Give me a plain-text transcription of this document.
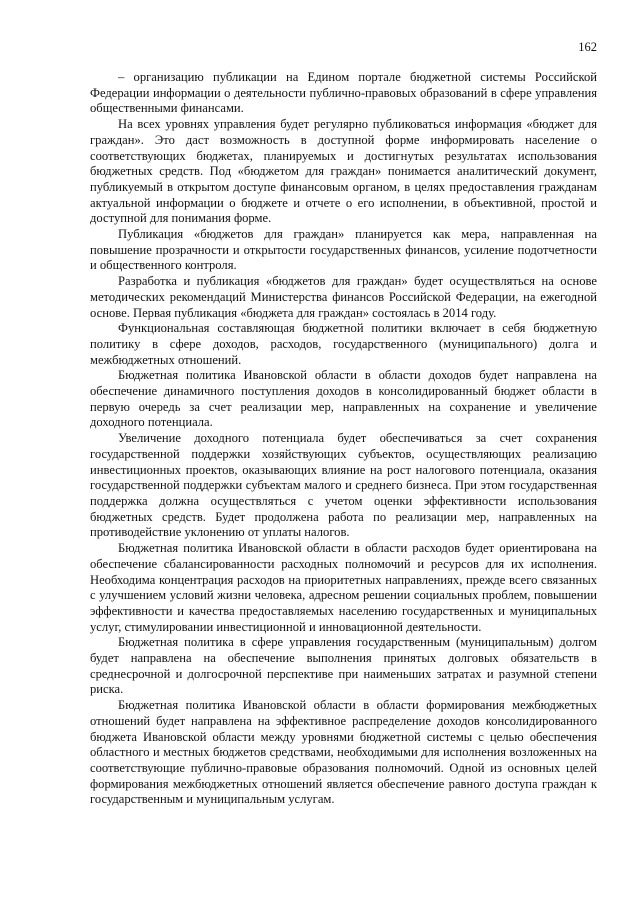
162

– организацию публикации на Едином портале бюджетной системы Российской Федерации информации о деятельности публично-правовых образований в сфере управления общественными финансами.

На всех уровнях управления будет регулярно публиковаться информация «бюджет для граждан». Это даст возможность в доступной форме информировать население о соответствующих бюджетах, планируемых и достигнутых результатах использования бюджетных средств. Под «бюджетом для граждан» понимается аналитический документ, публикуемый в открытом доступе финансовым органом, в целях предоставления гражданам актуальной информации о бюджете и отчете о его исполнении, в объективной, простой и доступной для понимания форме.

Публикация «бюджетов для граждан» планируется как мера, направленная на повышение прозрачности и открытости государственных финансов, усиление подотчетности и общественного контроля.

Разработка и публикация «бюджетов для граждан» будет осуществляться на основе методических рекомендаций Министерства финансов Российской Федерации, на ежегодной основе. Первая публикация «бюджета для граждан» состоялась в 2014 году.

Функциональная составляющая бюджетной политики включает в себя бюджетную политику в сфере доходов, расходов, государственного (муниципального) долга и межбюджетных отношений.

Бюджетная политика Ивановской области в области доходов будет направлена на обеспечение динамичного поступления доходов в консолидированный бюджет области в первую очередь за счет реализации мер, направленных на сохранение и увеличение доходного потенциала.

Увеличение доходного потенциала будет обеспечиваться за счет сохранения государственной поддержки хозяйствующих субъектов, осуществляющих реализацию инвестиционных проектов, оказывающих влияние на рост налогового потенциала, оказания государственной поддержки субъектам малого и среднего бизнеса. При этом государственная поддержка должна осуществляться с учетом оценки эффективности использования бюджетных средств. Будет продолжена работа по реализации мер, направленных на противодействие уклонению от уплаты налогов.

Бюджетная политика Ивановской области в области расходов будет ориентирована на обеспечение сбалансированности расходных полномочий и ресурсов для их исполнения. Необходима концентрация расходов на приоритетных направлениях, прежде всего связанных с улучшением условий жизни человека, адресном решении социальных проблем, повышении эффективности и качества предоставляемых населению государственных и муниципальных услуг, стимулировании инвестиционной и инновационной деятельности.

Бюджетная политика в сфере управления государственным (муниципальным) долгом будет направлена на обеспечение выполнения принятых долговых обязательств в среднесрочной и долгосрочной перспективе при наименьших затратах и разумной степени риска.

Бюджетная политика Ивановской области в области формирования межбюджетных отношений будет направлена на эффективное распределение доходов консолидированного бюджета Ивановской области между уровнями бюджетной системы с целью обеспечения областного и местных бюджетов средствами, необходимыми для исполнения возложенных на соответствующие публично-правовые образования полномочий. Одной из основных целей формирования межбюджетных отношений является обеспечение равного доступа граждан к государственным и муниципальным услугам.
